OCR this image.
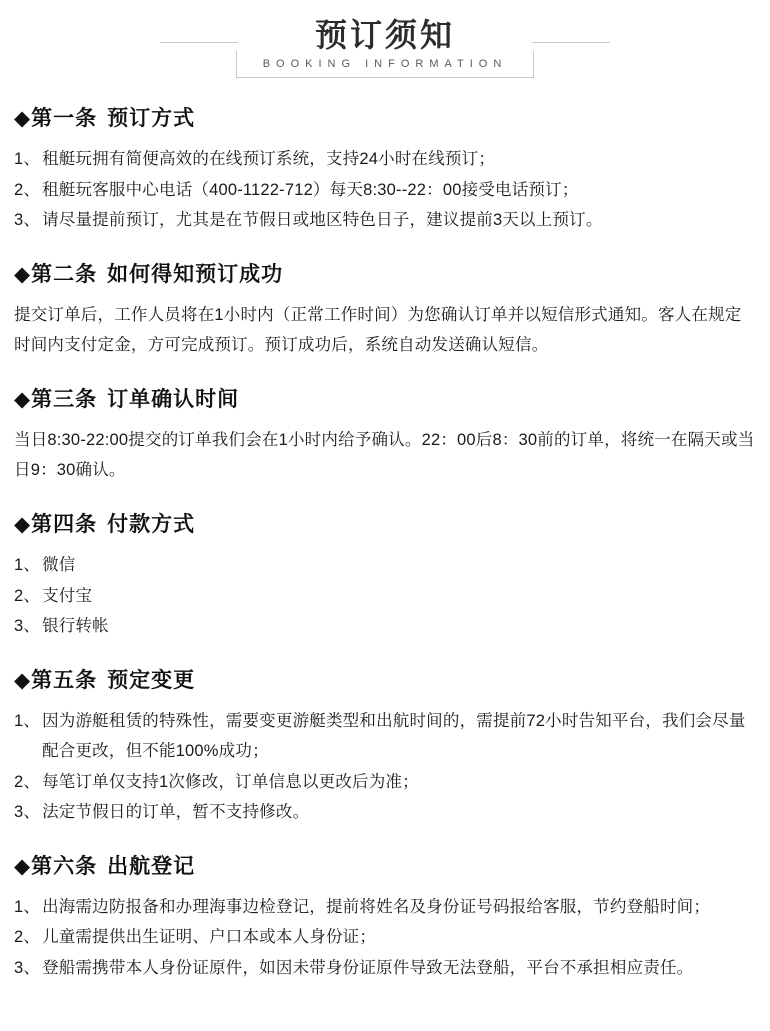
预订须知
BOOKING INFORMATION
◆第一条 预订方式
1、 租艇玩拥有简便高效的在线预订系统，支持24小时在线预订；
2、 租艇玩客服中心电话（400-1122-712）每天8:30--22：00接受电话预订；
3、 请尽量提前预订，尤其是在节假日或地区特色日子，建议提前3天以上预订。
◆第二条 如何得知预订成功

提交订单后，工作人员将在1小时内（正常工作时间）为您确认订单并以短信形式通知。客人在规定时间内支付定金，方可完成预订。预订成功后，系统自动发送确认短信。

◆第三条 订单确认时间

当日8:30-22:00提交的订单我们会在1小时内给予确认。22：00后8：30前的订单，将统一在隔天或当日9：30确认。

◆第四条 付款方式
1、 微信
2、 支付宝
3、 银行转帐
◆第五条 预定变更
1、 因为游艇租赁的特殊性，需要变更游艇类型和出航时间的，需提前72小时告知平台，我们会尽量配合更改，但不能100%成功；
2、 每笔订单仅支持1次修改，订单信息以更改后为准；
3、 法定节假日的订单，暂不支持修改。
◆第六条 出航登记
1、 出海需边防报备和办理海事边检登记，提前将姓名及身份证号码报给客服，节约登船时间；
2、 儿童需提供出生证明、户口本或本人身份证；
3、 登船需携带本人身份证原件，如因未带身份证原件导致无法登船，平台不承担相应责任。
